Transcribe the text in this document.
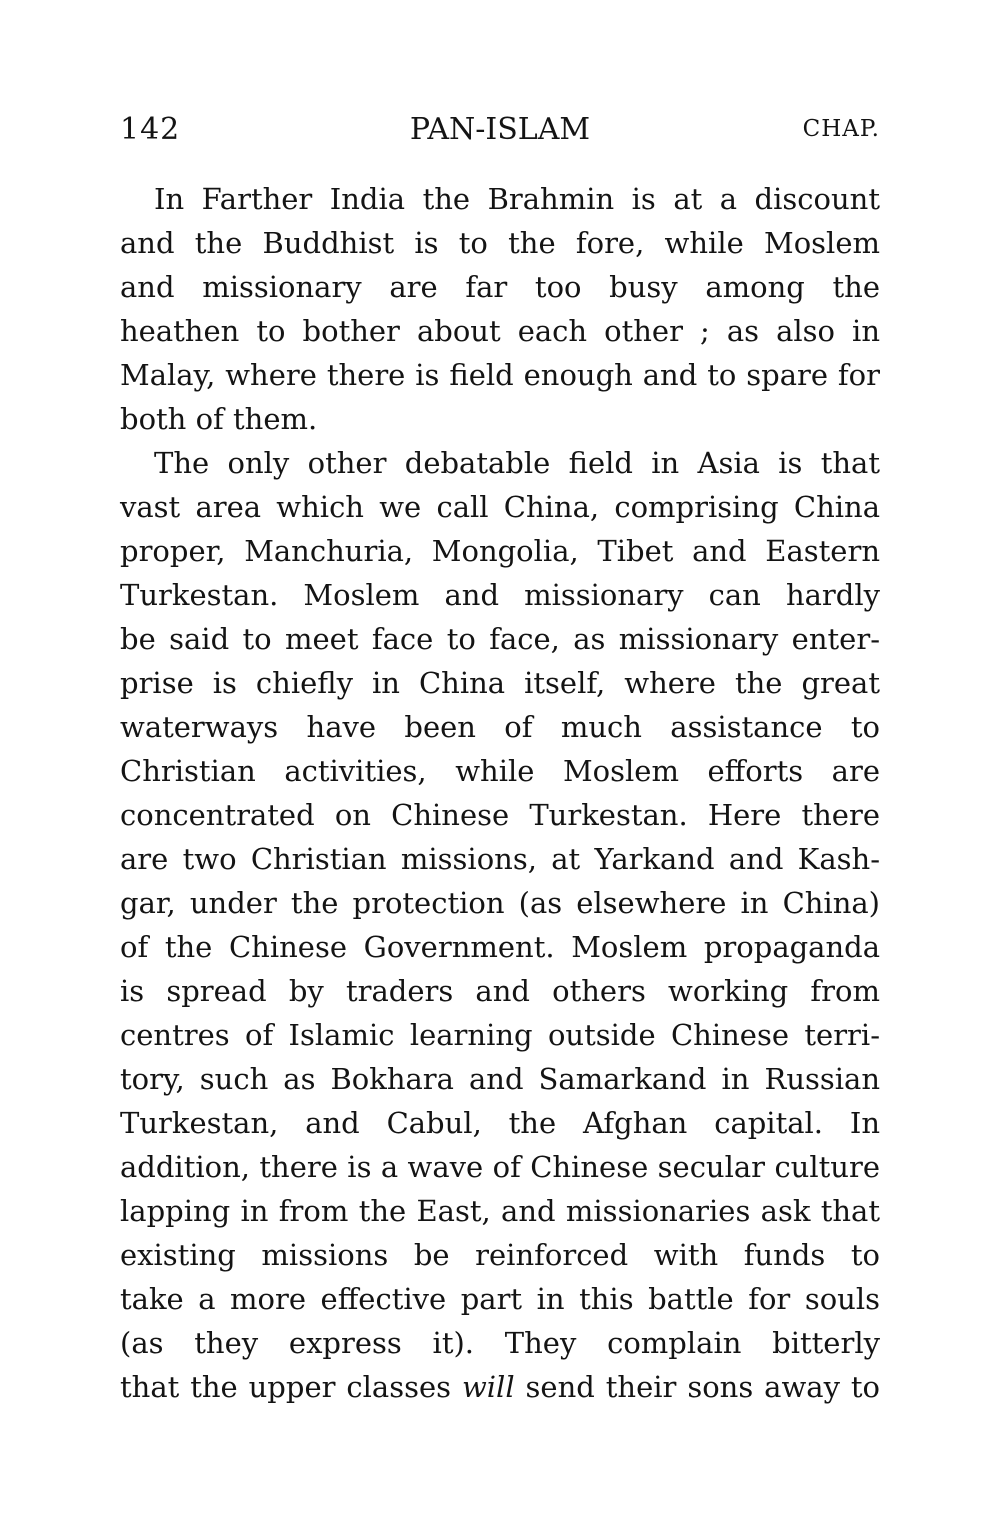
142	PAN-ISLAM	CHAP.
In Farther India the Brahmin is at a discount
and the Buddhist is to the fore, while Moslem
and missionary are far too busy among the
heathen to bother about each other ; as also in
Malay, where there is field enough and to spare for
both of them.
The only other debatable field in Asia is that
vast area which we call China, comprising China
proper, Manchuria, Mongolia, Tibet and Eastern
Turkestan. Moslem and missionary can hardly
be said to meet face to face, as missionary enter-
prise is chiefly in China itself, where the great
waterways have been of much assistance to
Christian activities, while Moslem efforts are
concentrated on Chinese Turkestan. Here there
are two Christian missions, at Yarkand and Kash-
gar, under the protection (as elsewhere in China)
of the Chinese Government. Moslem propaganda
is spread by traders and others working from
centres of Islamic learning outside Chinese terri-
tory, such as Bokhara and Samarkand in Russian
Turkestan, and Cabul, the Afghan capital. In
addition, there is a wave of Chinese secular culture
lapping in from the East, and missionaries ask that
existing missions be reinforced with funds to
take a more effective part in this battle for souls
(as they express it). They complain bitterly
that the upper classes will send their sons away to
